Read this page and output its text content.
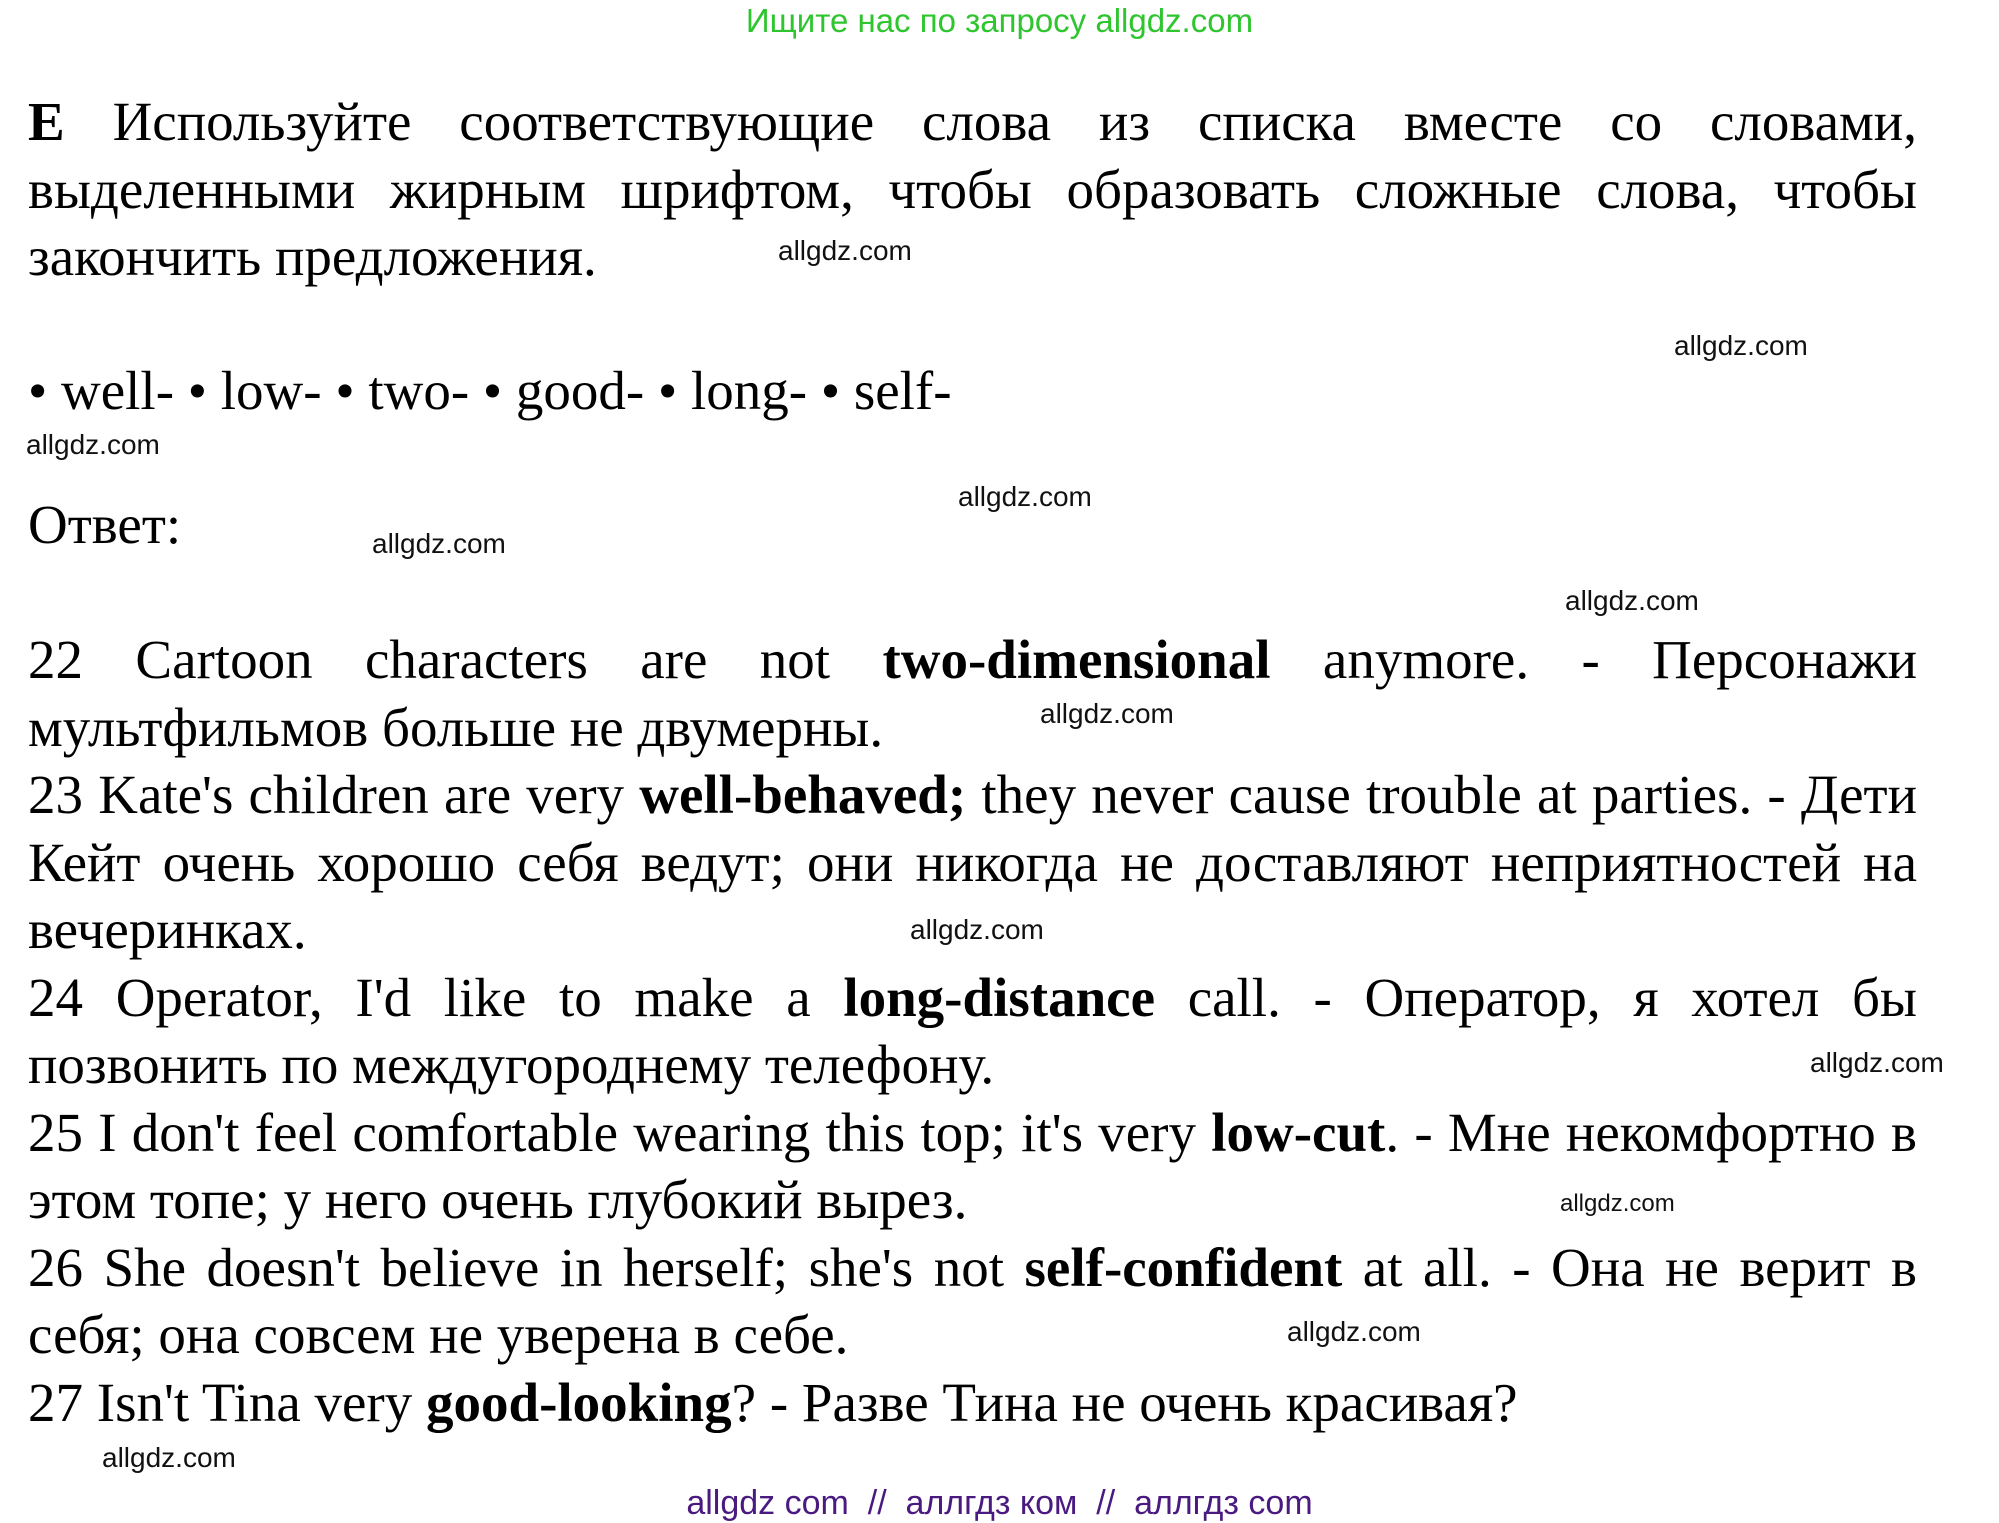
Ищите нас по запросу allgdz.com
E Используйте соответствующие слова из списка вместе со словами, выделенными жирным шрифтом, чтобы образовать сложные слова, чтобы закончить предложения.
• well- • low- • two- • good- • long- • self-
Ответ:
22 Cartoon characters are not two-dimensional anymore. - Персонажи мультфильмов больше не двумерны.
23 Kate's children are very well-behaved; they never cause trouble at parties. - Дети Кейт очень хорошо себя ведут; они никогда не доставляют неприятностей на вечеринках.
24 Operator, I'd like to make a long-distance call. - Оператор, я хотел бы позвонить по междугороднему телефону.
25 I don't feel comfortable wearing this top; it's very low-cut. - Мне некомфортно в этом топе; у него очень глубокий вырез.
26 She doesn't believe in herself; she's not self-confident at all. - Она не верит в себя; она совсем не уверена в себе.
27 Isn't Tina very good-looking? - Разве Тина не очень красивая?
allgdz.com
allgdz.com
allgdz.com
allgdz.com
allgdz.com
allgdz.com
allgdz.com
allgdz.com
allgdz.com
allgdz.com
allgdz.com
allgdz.com
allgdz com  //  аллгдз ком  //  аллгдз com
